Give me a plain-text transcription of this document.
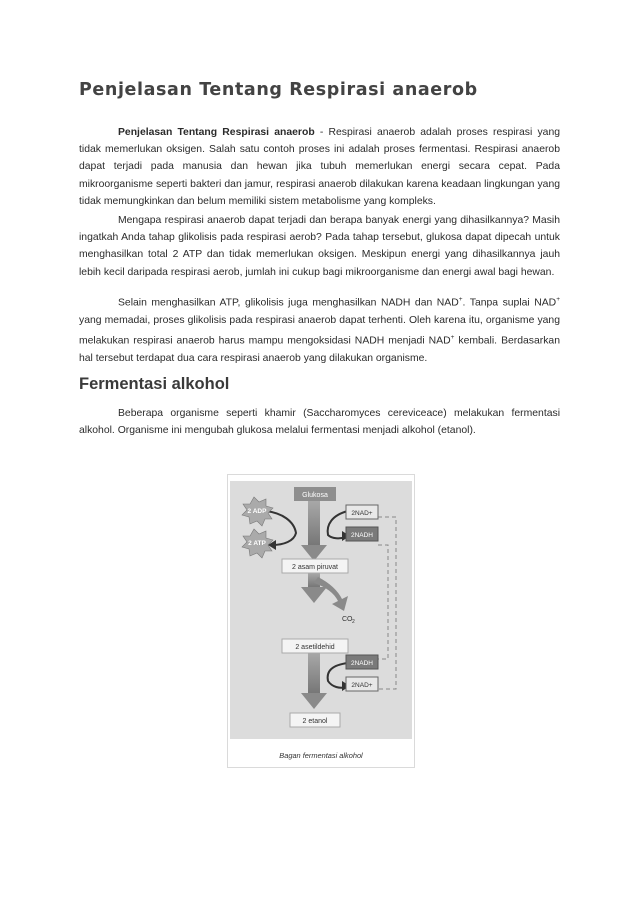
Penjelasan Tentang Respirasi anaerob

Penjelasan Tentang Respirasi anaerob - Respirasi anaerob adalah proses respirasi yang tidak memerlukan oksigen. Salah satu contoh proses ini adalah proses fermentasi. Respirasi anaerob dapat terjadi pada manusia dan hewan jika tubuh memerlukan energi secara cepat. Pada mikroorganisme seperti bakteri dan jamur, respirasi anaerob dilakukan karena keadaan lingkungan yang tidak memungkinkan dan belum memiliki sistem metabolisme yang kompleks.

Mengapa respirasi anaerob dapat terjadi dan berapa banyak energi yang dihasilkannya? Masih ingatkah Anda tahap glikolisis pada respirasi aerob? Pada tahap tersebut, glukosa dapat dipecah untuk menghasilkan total 2 ATP dan tidak memerlukan oksigen. Meskipun energi yang dihasilkannya jauh lebih kecil daripada respirasi aerob, jumlah ini cukup bagi mikroorganisme dan energi awal bagi hewan.

Selain menghasilkan ATP, glikolisis juga menghasilkan NADH dan NAD+. Tanpa suplai NAD+ yang memadai, proses glikolisis pada respirasi anaerob dapat terhenti. Oleh karena itu, organisme yang melakukan respirasi anaerob harus mampu mengoksidasi NADH menjadi NAD+ kembali. Berdasarkan hal tersebut terdapat dua cara respirasi anaerob yang dilakukan organisme.

Fermentasi alkohol

Beberapa organisme seperti khamir (Saccharomyces cereviceace) melakukan fermentasi alkohol. Organisme ini mengubah glukosa melalui fermentasi menjadi alkohol (etanol).

Glukosa
2 asam piruvat
2 asetildehid
2 etanol
CO 2
2 ADP
2 ATP
2NAD+
2NADH
2NADH
2NAD+
Bagan fermentasi alkohol
